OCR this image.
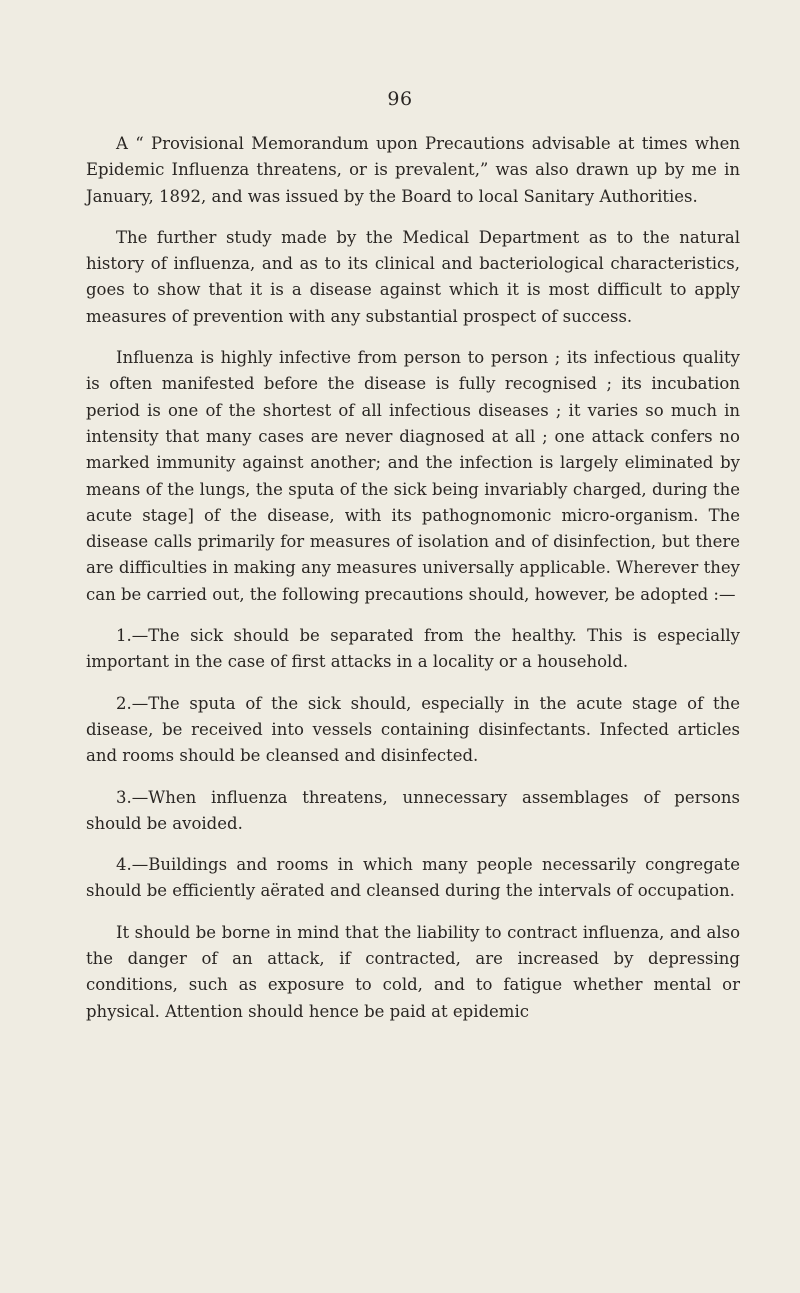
96

A “ Provisional Memorandum upon Precautions advisable at times when Epidemic Influenza threatens, or is prevalent,” was also drawn up by me in January, 1892, and was issued by the Board to local Sanitary Authorities.

The further study made by the Medical Department as to the natural history of influenza, and as to its clinical and bacteriological characteristics, goes to show that it is a disease against which it is most difficult to apply measures of prevention with any substantial prospect of success.

Influenza is highly infective from person to person ; its infectious quality is often manifested before the disease is fully recognised ; its incubation period is one of the shortest of all infectious diseases ; it varies so much in intensity that many cases are never diagnosed at all ; one attack confers no marked immunity against another; and the infection is largely eliminated by means of the lungs, the sputa of the sick being invariably charged, during the acute stage] of the disease, with its pathognomonic micro-organism. The disease calls primarily for measures of isolation and of disinfection, but there are difficulties in making any measures universally applicable. Wherever they can be carried out, the following precautions should, however, be adopted :—

1.—The sick should be separated from the healthy. This is especially important in the case of first attacks in a locality or a household.

2.—The sputa of the sick should, especially in the acute stage of the disease, be received into vessels containing disinfectants. Infected articles and rooms should be cleansed and disinfected.

3.—When influenza threatens, unnecessary assemblages of persons should be avoided.

4.—Buildings and rooms in which many people necessarily congregate should be efficiently aërated and cleansed during the intervals of occupation.

It should be borne in mind that the liability to contract influenza, and also the danger of an attack, if contracted, are increased by depressing conditions, such as exposure to cold, and to fatigue whether mental or physical. Attention should hence be paid at epidemic
